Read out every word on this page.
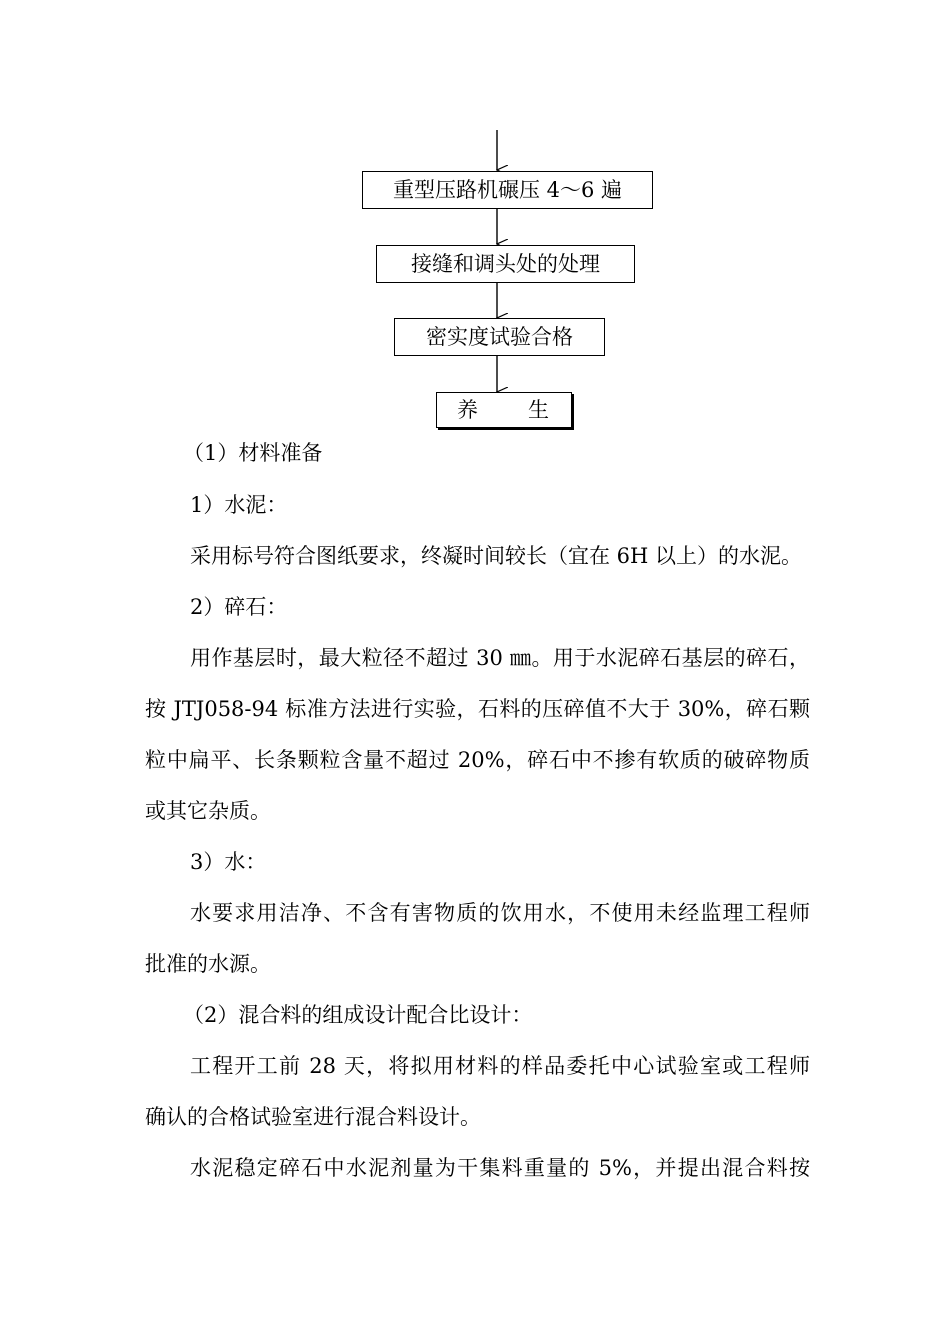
重型压路机碾压 4～6 遍
接缝和调头处的处理
密实度试验合格
养 生
（1）材料准备
1）水泥：
采用标号符合图纸要求，终凝时间较长（宜在 6H 以上）的水泥。
2）碎石：
用作基层时，最大粒径不超过 30 ㎜。用于水泥碎石基层的碎石，
按 JTJ058-94 标准方法进行实验，石料的压碎值不大于 30%，碎石颗
粒中扁平、长条颗粒含量不超过 20%，碎石中不掺有软质的破碎物质
或其它杂质。
3）水：
水要求用洁净、不含有害物质的饮用水，不使用未经监理工程师
批准的水源。
（2）混合料的组成设计配合比设计：
工程开工前 28 天，将拟用材料的样品委托中心试验室或工程师
确认的合格试验室进行混合料设计。
水泥稳定碎石中水泥剂量为干集料重量的 5%，并提出混合料按
